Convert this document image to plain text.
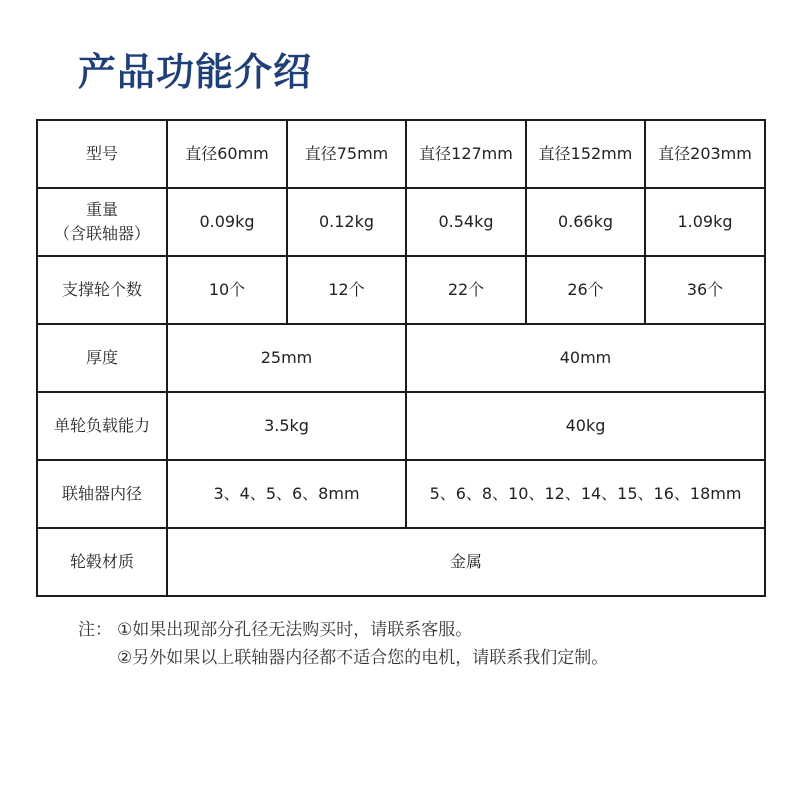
产品功能介绍
型号	直径60mm	直径75mm	直径127mm	直径152mm	直径203mm

重量
（含联轴器）	0.09kg	0.12kg	0.54kg	0.66kg	1.09kg
支撑轮个数	10个	12个	22个	26个	36个
厚度	25mm		40mm		
单轮负载能力	3.5kg		40kg		
联轴器内径	3、4、5、6、8mm		5、6、8、10、12、14、15、16、18mm		
轮毂材质	金属				
注： ①如果出现部分孔径无法购买时，请联系客服。
②另外如果以上联轴器内径都不适合您的电机，请联系我们定制。
